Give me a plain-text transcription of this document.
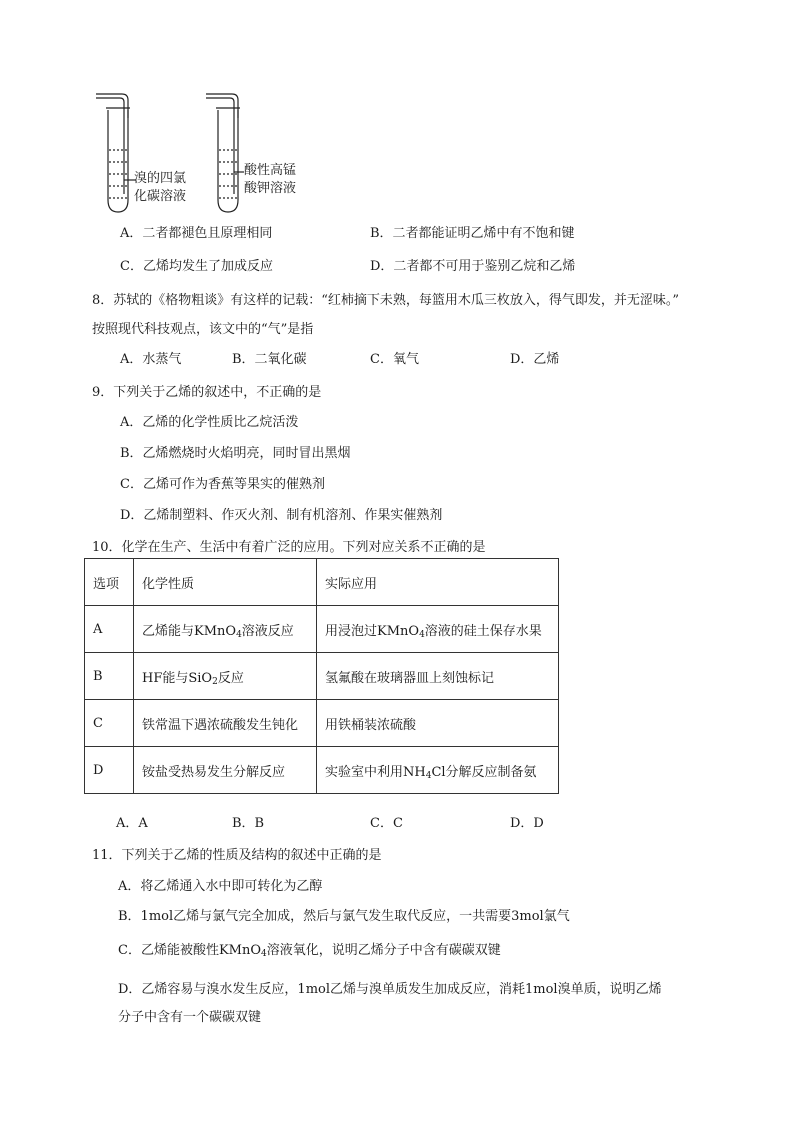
溴的四氯
化碳溶液
酸性高锰
酸钾溶液
A．二者都褪色且原理相同	B．二者都能证明乙烯中有不饱和键
C．乙烯均发生了加成反应	D．二者都不可用于鉴别乙烷和乙烯
8．苏轼的《格物粗谈》有这样的记载：“红柿摘下未熟，每篮用木瓜三枚放入，得气即发，并无涩味。”
按照现代科技观点，该文中的“气”是指
A．水蒸气	B．二氧化碳	C．氧气	D．乙烯
9．下列关于乙烯的叙述中，不正确的是
A．乙烯的化学性质比乙烷活泼
B．乙烯燃烧时火焰明亮，同时冒出黑烟
C．乙烯可作为香蕉等果实的催熟剂
D．乙烯制塑料、作灭火剂、制有机溶剂、作果实催熟剂
10．化学在生产、生活中有着广泛的应用。下列对应关系不正确的是
选项	化学性质	实际应用
A	乙烯能与KMnO$_4$溶液反应	用浸泡过KMnO$_4$溶液的硅土保存水果
B	HF能与SiO$_2$反应	氢氟酸在玻璃器皿上刻蚀标记
C	铁常温下遇浓硫酸发生钝化	用铁桶装浓硫酸
D	铵盐受热易发生分解反应	实验室中利用$NH_4Cl$分解反应制备氨
A．A	B．B	C．C	D．D
11．下列关于乙烯的性质及结构的叙述中正确的是
A．将乙烯通入水中即可转化为乙醇
B．1mol乙烯与氯气完全加成，然后与氯气发生取代反应，一共需要3mol氯气
C．乙烯能被酸性KMnO$_4$溶液氧化，说明乙烯分子中含有碳碳双键
D．乙烯容易与溴水发生反应，1mol乙烯与溴单质发生加成反应，消耗1mol溴单质，说明乙烯
分子中含有一个碳碳双键
